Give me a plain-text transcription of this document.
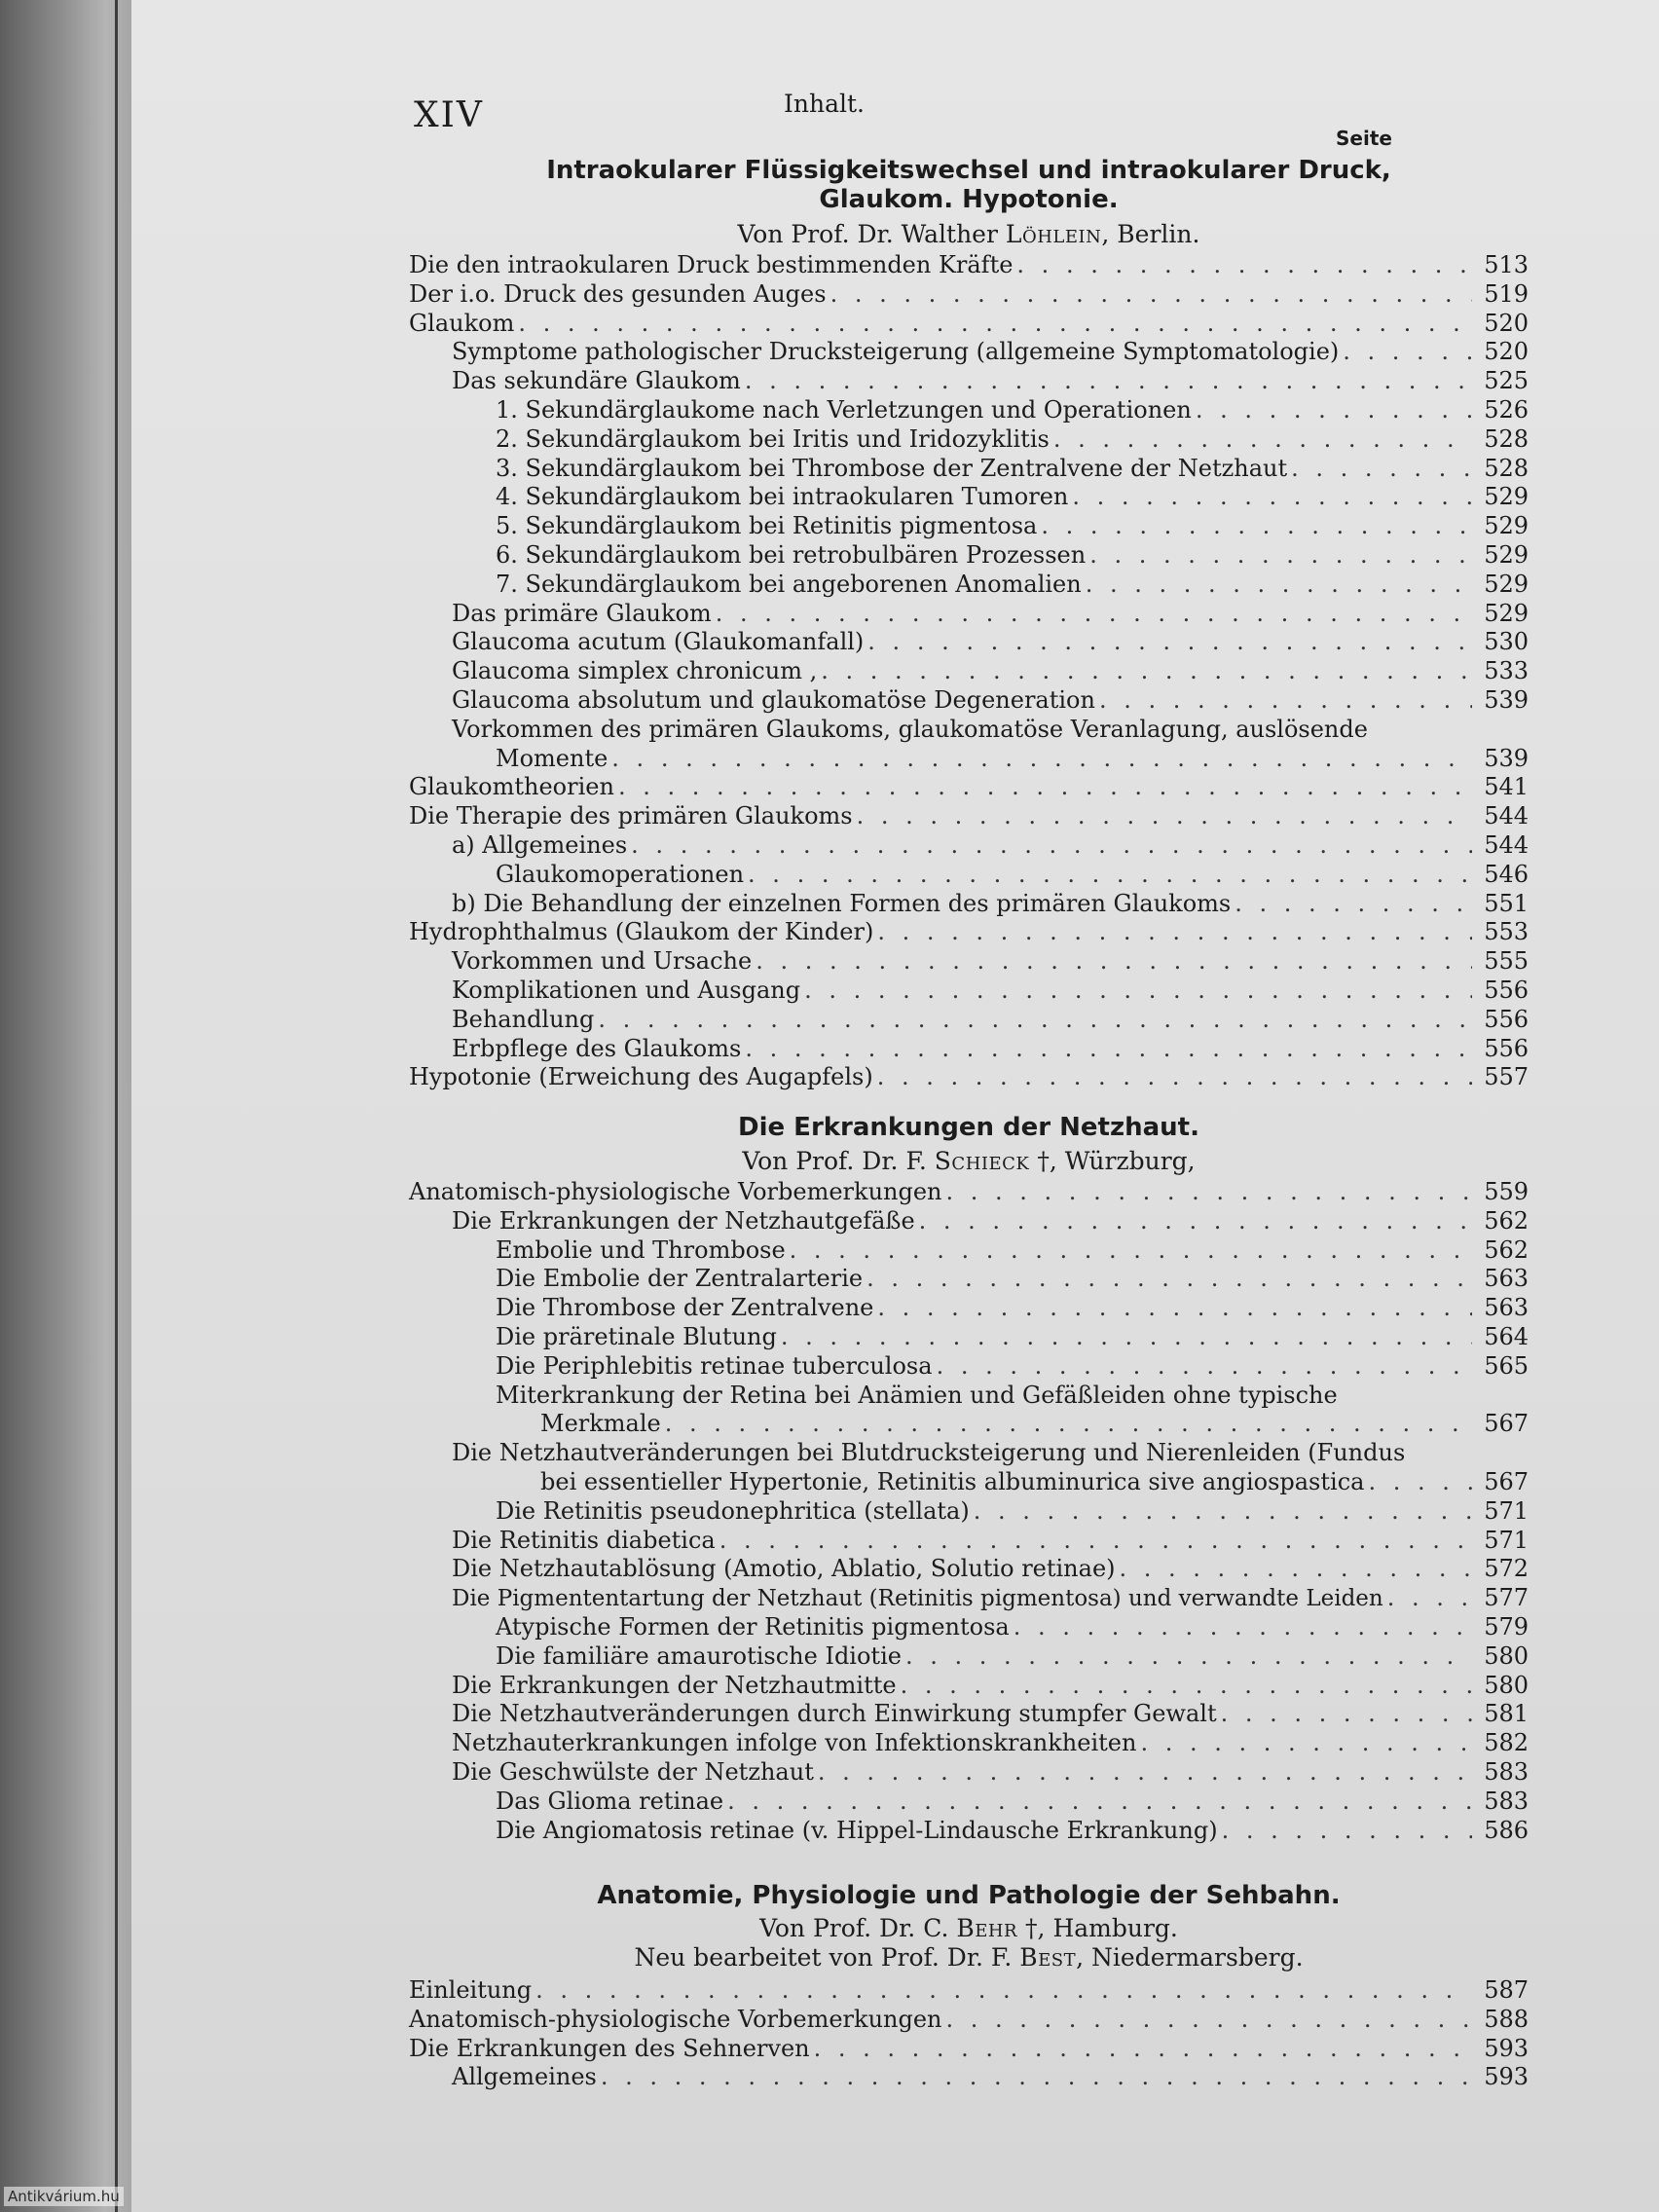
Antikvárium.hu
XIV	Inhalt.
Seite
Intraokularer Flüssigkeitswechsel und intraokularer Druck,
Glaukom. Hypotonie.
Von Prof. Dr. Walther Löhlein, Berlin.
Die den intraokularen Druck bestimmenden Kräfte . . .	513
Der i.o. Druck des gesunden Auges . . .	519
Glaukom . . .	520
Symptome pathologischer Drucksteigerung (allgemeine Symptomatologie) . . .	520
Das sekundäre Glaukom . . .	525
1. Sekundärglaukome nach Verletzungen und Operationen . . .	526
2. Sekundärglaukom bei Iritis und Iridozyklitis . . .	528
3. Sekundärglaukom bei Thrombose der Zentralvene der Netzhaut . . .	528
4. Sekundärglaukom bei intraokularen Tumoren . . .	529
5. Sekundärglaukom bei Retinitis pigmentosa . . .	529
6. Sekundärglaukom bei retrobulbären Prozessen . . .	529
7. Sekundärglaukom bei angeborenen Anomalien . . .	529
Das primäre Glaukom . . .	529
Glaucoma acutum (Glaukomanfall) . . .	530
Glaucoma simplex chronicum , . . .	533
Glaucoma absolutum und glaukomatöse Degeneration . . .	539
Vorkommen des primären Glaukoms, glaukomatöse Veranlagung, auslösende
Momente . . .	539
Glaukomtheorien . . .	541
Die Therapie des primären Glaukoms . . .	544
a) Allgemeines . . .	544
Glaukomoperationen . . .	546
b) Die Behandlung der einzelnen Formen des primären Glaukoms . . .	551
Hydrophthalmus (Glaukom der Kinder) . . .	553
Vorkommen und Ursache . . .	555
Komplikationen und Ausgang . . .	556
Behandlung . . .	556
Erbpflege des Glaukoms . . .	556
Hypotonie (Erweichung des Augapfels) . . .	557
Die Erkrankungen der Netzhaut.
Von Prof. Dr. F. Schieck †, Würzburg,
Anatomisch-physiologische Vorbemerkungen . . .	559
Die Erkrankungen der Netzhautgefäße . . .	562
Embolie und Thrombose . . .	562
Die Embolie der Zentralarterie . . .	563
Die Thrombose der Zentralvene . . .	563
Die präretinale Blutung . . .	564
Die Periphlebitis retinae tuberculosa . . .	565
Miterkrankung der Retina bei Anämien und Gefäßleiden ohne typische
Merkmale . . .	567
Die Netzhautveränderungen bei Blutdrucksteigerung und Nierenleiden (Fundus
bei essentieller Hypertonie, Retinitis albuminurica sive angiospastica . . .	567
Die Retinitis pseudonephritica (stellata) . . .	571
Die Retinitis diabetica . . .	571
Die Netzhautablösung (Amotio, Ablatio, Solutio retinae) . . .	572
Die Pigmententartung der Netzhaut (Retinitis pigmentosa) und verwandte Leiden . . .	577
Atypische Formen der Retinitis pigmentosa . . .	579
Die familiäre amaurotische Idiotie . . .	580
Die Erkrankungen der Netzhautmitte . . .	580
Die Netzhautveränderungen durch Einwirkung stumpfer Gewalt . . .	581
Netzhauterkrankungen infolge von Infektionskrankheiten . . .	582
Die Geschwülste der Netzhaut . . .	583
Das Glioma retinae . . .	583
Die Angiomatosis retinae (v. Hippel-Lindausche Erkrankung) . . .	586
Anatomie, Physiologie und Pathologie der Sehbahn.
Von Prof. Dr. C. Behr †, Hamburg.
Neu bearbeitet von Prof. Dr. F. Best, Niedermarsberg.
Einleitung . . .	587
Anatomisch-physiologische Vorbemerkungen . . .	588
Die Erkrankungen des Sehnerven . . .	593
Allgemeines . . .	593
